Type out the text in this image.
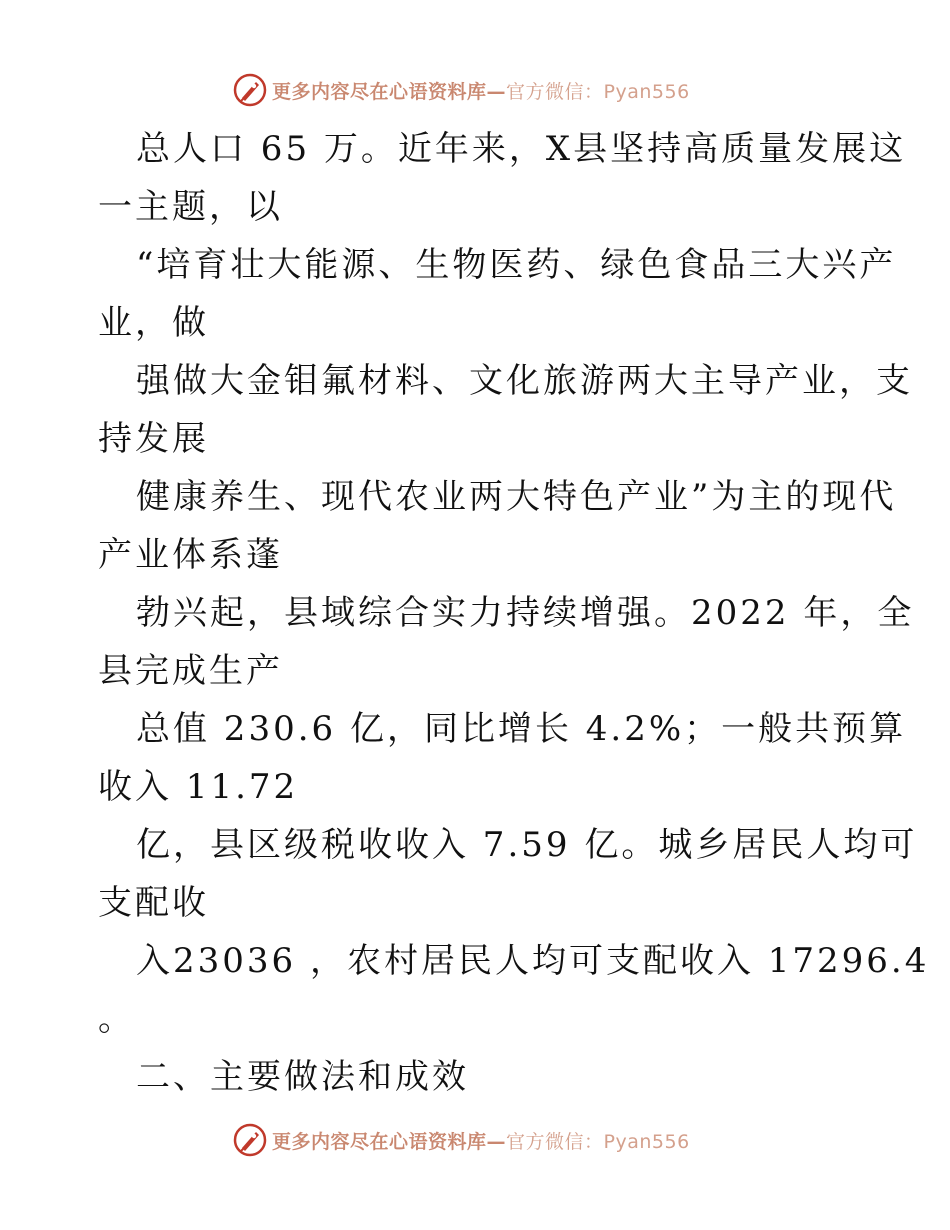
更多内容尽在心语资料库— 官方微信：Pyan556
总人口 65 万。近年来，X县坚持高质量发展这
一主题，以
“培育壮大能源、生物医药、绿色食品三大兴产
业，做
强做大金钼氟材料、文化旅游两大主导产业，支
持发展
健康养生、现代农业两大特色产业”为主的现代
产业体系蓬
勃兴起，县域综合实力持续增强。2022 年，全
县完成生产
总值 230.6 亿，同比增长 4.2%；一般共预算
收入 11.72
亿，县区级税收收入 7.59 亿。城乡居民人均可
支配收
入23036 ，农村居民人均可支配收入 17296.4
。
二、主要做法和成效
更多内容尽在心语资料库— 官方微信：Pyan556
